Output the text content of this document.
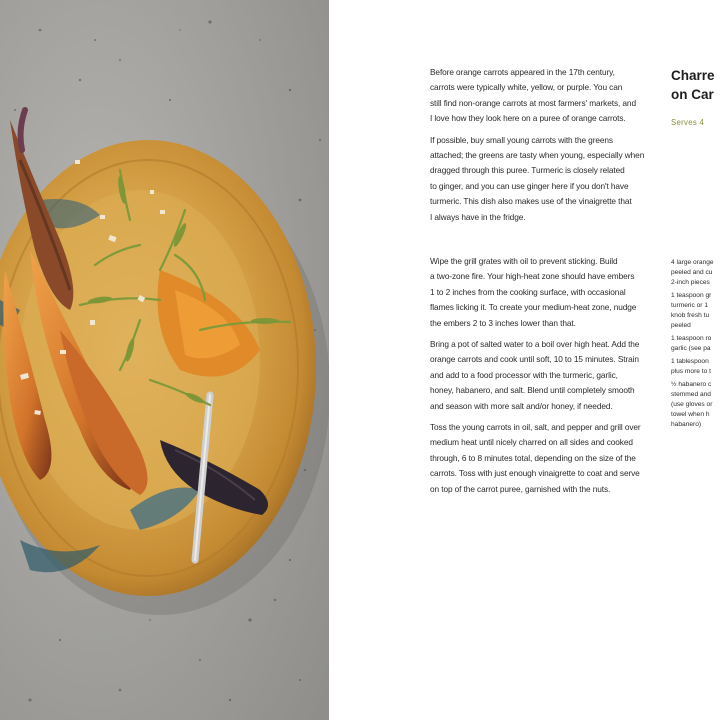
Before orange carrots appeared in the 17th century,
carrots were typically white, yellow, or purple. You can
still find non-orange carrots at most farmers' markets, and
I love how they look here on a puree of orange carrots.

If possible, buy small young carrots with the greens
attached; the greens are tasty when young, especially when
dragged through this puree. Turmeric is closely related
to ginger, and you can use ginger here if you don't have
turmeric. This dish also makes use of the vinaigrette that
I always have in the fridge.

Charre
on Car
Serves 4

Wipe the grill grates with oil to prevent sticking. Build
a two-zone fire. Your high-heat zone should have embers
1 to 2 inches from the cooking surface, with occasional
flames licking it. To create your medium-heat zone, nudge
the embers 2 to 3 inches lower than that.

Bring a pot of salted water to a boil over high heat. Add the
orange carrots and cook until soft, 10 to 15 minutes. Strain
and add to a food processor with the turmeric, garlic,
honey, habanero, and salt. Blend until completely smooth
and season with more salt and/or honey, if needed.

Toss the young carrots in oil, salt, and pepper and grill over
medium heat until nicely charred on all sides and cooked
through, 6 to 8 minutes total, depending on the size of the
carrots. Toss with just enough vinaigrette to coat and serve
on top of the carrot puree, garnished with the nuts.

4 large orange
peeled and cu
2-inch pieces
1 teaspoon gr
turmeric or 1
knob fresh tu
peeled
1 teaspoon ro
garlic (see pa
1 tablespoon
plus more to t
½ habanero c
stemmed and
(use gloves or
towel when h
habanero)
